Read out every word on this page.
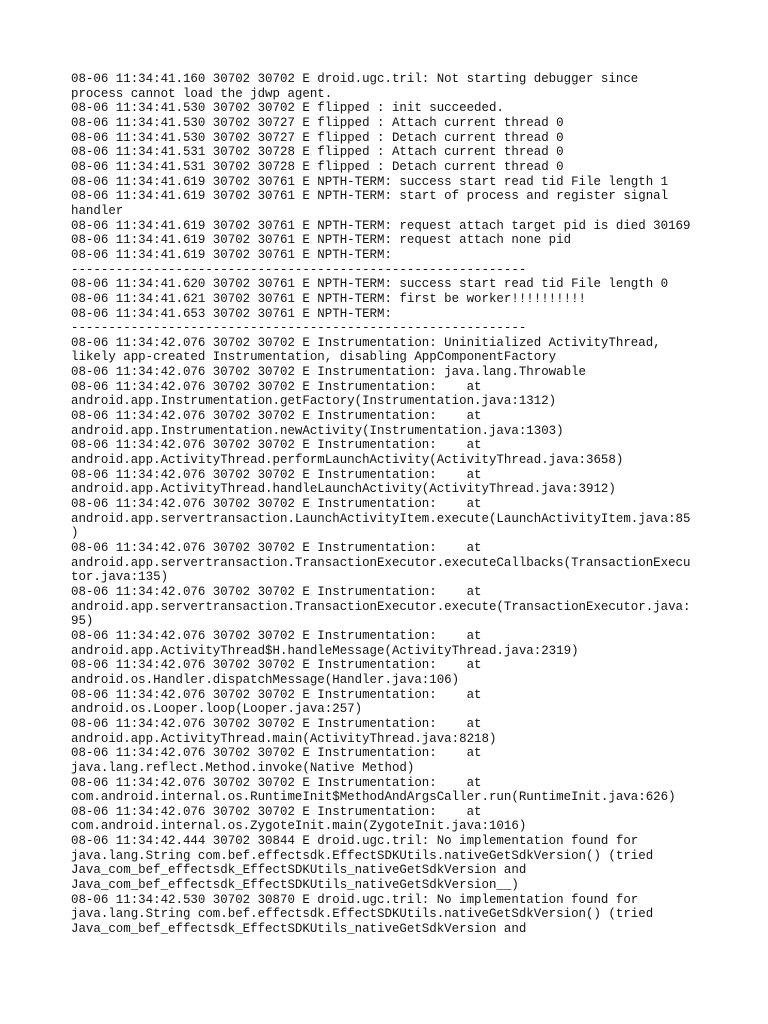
08-06 11:34:41.160 30702 30702 E droid.ugc.tril: Not starting debugger since
process cannot load the jdwp agent.
08-06 11:34:41.530 30702 30702 E flipped : init succeeded.
08-06 11:34:41.530 30702 30727 E flipped : Attach current thread 0
08-06 11:34:41.530 30702 30727 E flipped : Detach current thread 0
08-06 11:34:41.531 30702 30728 E flipped : Attach current thread 0
08-06 11:34:41.531 30702 30728 E flipped : Detach current thread 0
08-06 11:34:41.619 30702 30761 E NPTH-TERM: success start read tid File length 1
08-06 11:34:41.619 30702 30761 E NPTH-TERM: start of process and register signal
handler
08-06 11:34:41.619 30702 30761 E NPTH-TERM: request attach target pid is died 30169
08-06 11:34:41.619 30702 30761 E NPTH-TERM: request attach none pid
08-06 11:34:41.619 30702 30761 E NPTH-TERM:
-------------------------------------------------------------
08-06 11:34:41.620 30702 30761 E NPTH-TERM: success start read tid File length 0
08-06 11:34:41.621 30702 30761 E NPTH-TERM: first be worker!!!!!!!!!!
08-06 11:34:41.653 30702 30761 E NPTH-TERM:
-------------------------------------------------------------
08-06 11:34:42.076 30702 30702 E Instrumentation: Uninitialized ActivityThread,
likely app-created Instrumentation, disabling AppComponentFactory
08-06 11:34:42.076 30702 30702 E Instrumentation: java.lang.Throwable
08-06 11:34:42.076 30702 30702 E Instrumentation:    at
android.app.Instrumentation.getFactory(Instrumentation.java:1312)
08-06 11:34:42.076 30702 30702 E Instrumentation:    at
android.app.Instrumentation.newActivity(Instrumentation.java:1303)
08-06 11:34:42.076 30702 30702 E Instrumentation:    at
android.app.ActivityThread.performLaunchActivity(ActivityThread.java:3658)
08-06 11:34:42.076 30702 30702 E Instrumentation:    at
android.app.ActivityThread.handleLaunchActivity(ActivityThread.java:3912)
08-06 11:34:42.076 30702 30702 E Instrumentation:    at
android.app.servertransaction.LaunchActivityItem.execute(LaunchActivityItem.java:85
)
08-06 11:34:42.076 30702 30702 E Instrumentation:    at
android.app.servertransaction.TransactionExecutor.executeCallbacks(TransactionExecu
tor.java:135)
08-06 11:34:42.076 30702 30702 E Instrumentation:    at
android.app.servertransaction.TransactionExecutor.execute(TransactionExecutor.java:
95)
08-06 11:34:42.076 30702 30702 E Instrumentation:    at
android.app.ActivityThread$H.handleMessage(ActivityThread.java:2319)
08-06 11:34:42.076 30702 30702 E Instrumentation:    at
android.os.Handler.dispatchMessage(Handler.java:106)
08-06 11:34:42.076 30702 30702 E Instrumentation:    at
android.os.Looper.loop(Looper.java:257)
08-06 11:34:42.076 30702 30702 E Instrumentation:    at
android.app.ActivityThread.main(ActivityThread.java:8218)
08-06 11:34:42.076 30702 30702 E Instrumentation:    at
java.lang.reflect.Method.invoke(Native Method)
08-06 11:34:42.076 30702 30702 E Instrumentation:    at
com.android.internal.os.RuntimeInit$MethodAndArgsCaller.run(RuntimeInit.java:626)
08-06 11:34:42.076 30702 30702 E Instrumentation:    at
com.android.internal.os.ZygoteInit.main(ZygoteInit.java:1016)
08-06 11:34:42.444 30702 30844 E droid.ugc.tril: No implementation found for
java.lang.String com.bef.effectsdk.EffectSDKUtils.nativeGetSdkVersion() (tried
Java_com_bef_effectsdk_EffectSDKUtils_nativeGetSdkVersion and
Java_com_bef_effectsdk_EffectSDKUtils_nativeGetSdkVersion__)
08-06 11:34:42.530 30702 30870 E droid.ugc.tril: No implementation found for
java.lang.String com.bef.effectsdk.EffectSDKUtils.nativeGetSdkVersion() (tried
Java_com_bef_effectsdk_EffectSDKUtils_nativeGetSdkVersion and
